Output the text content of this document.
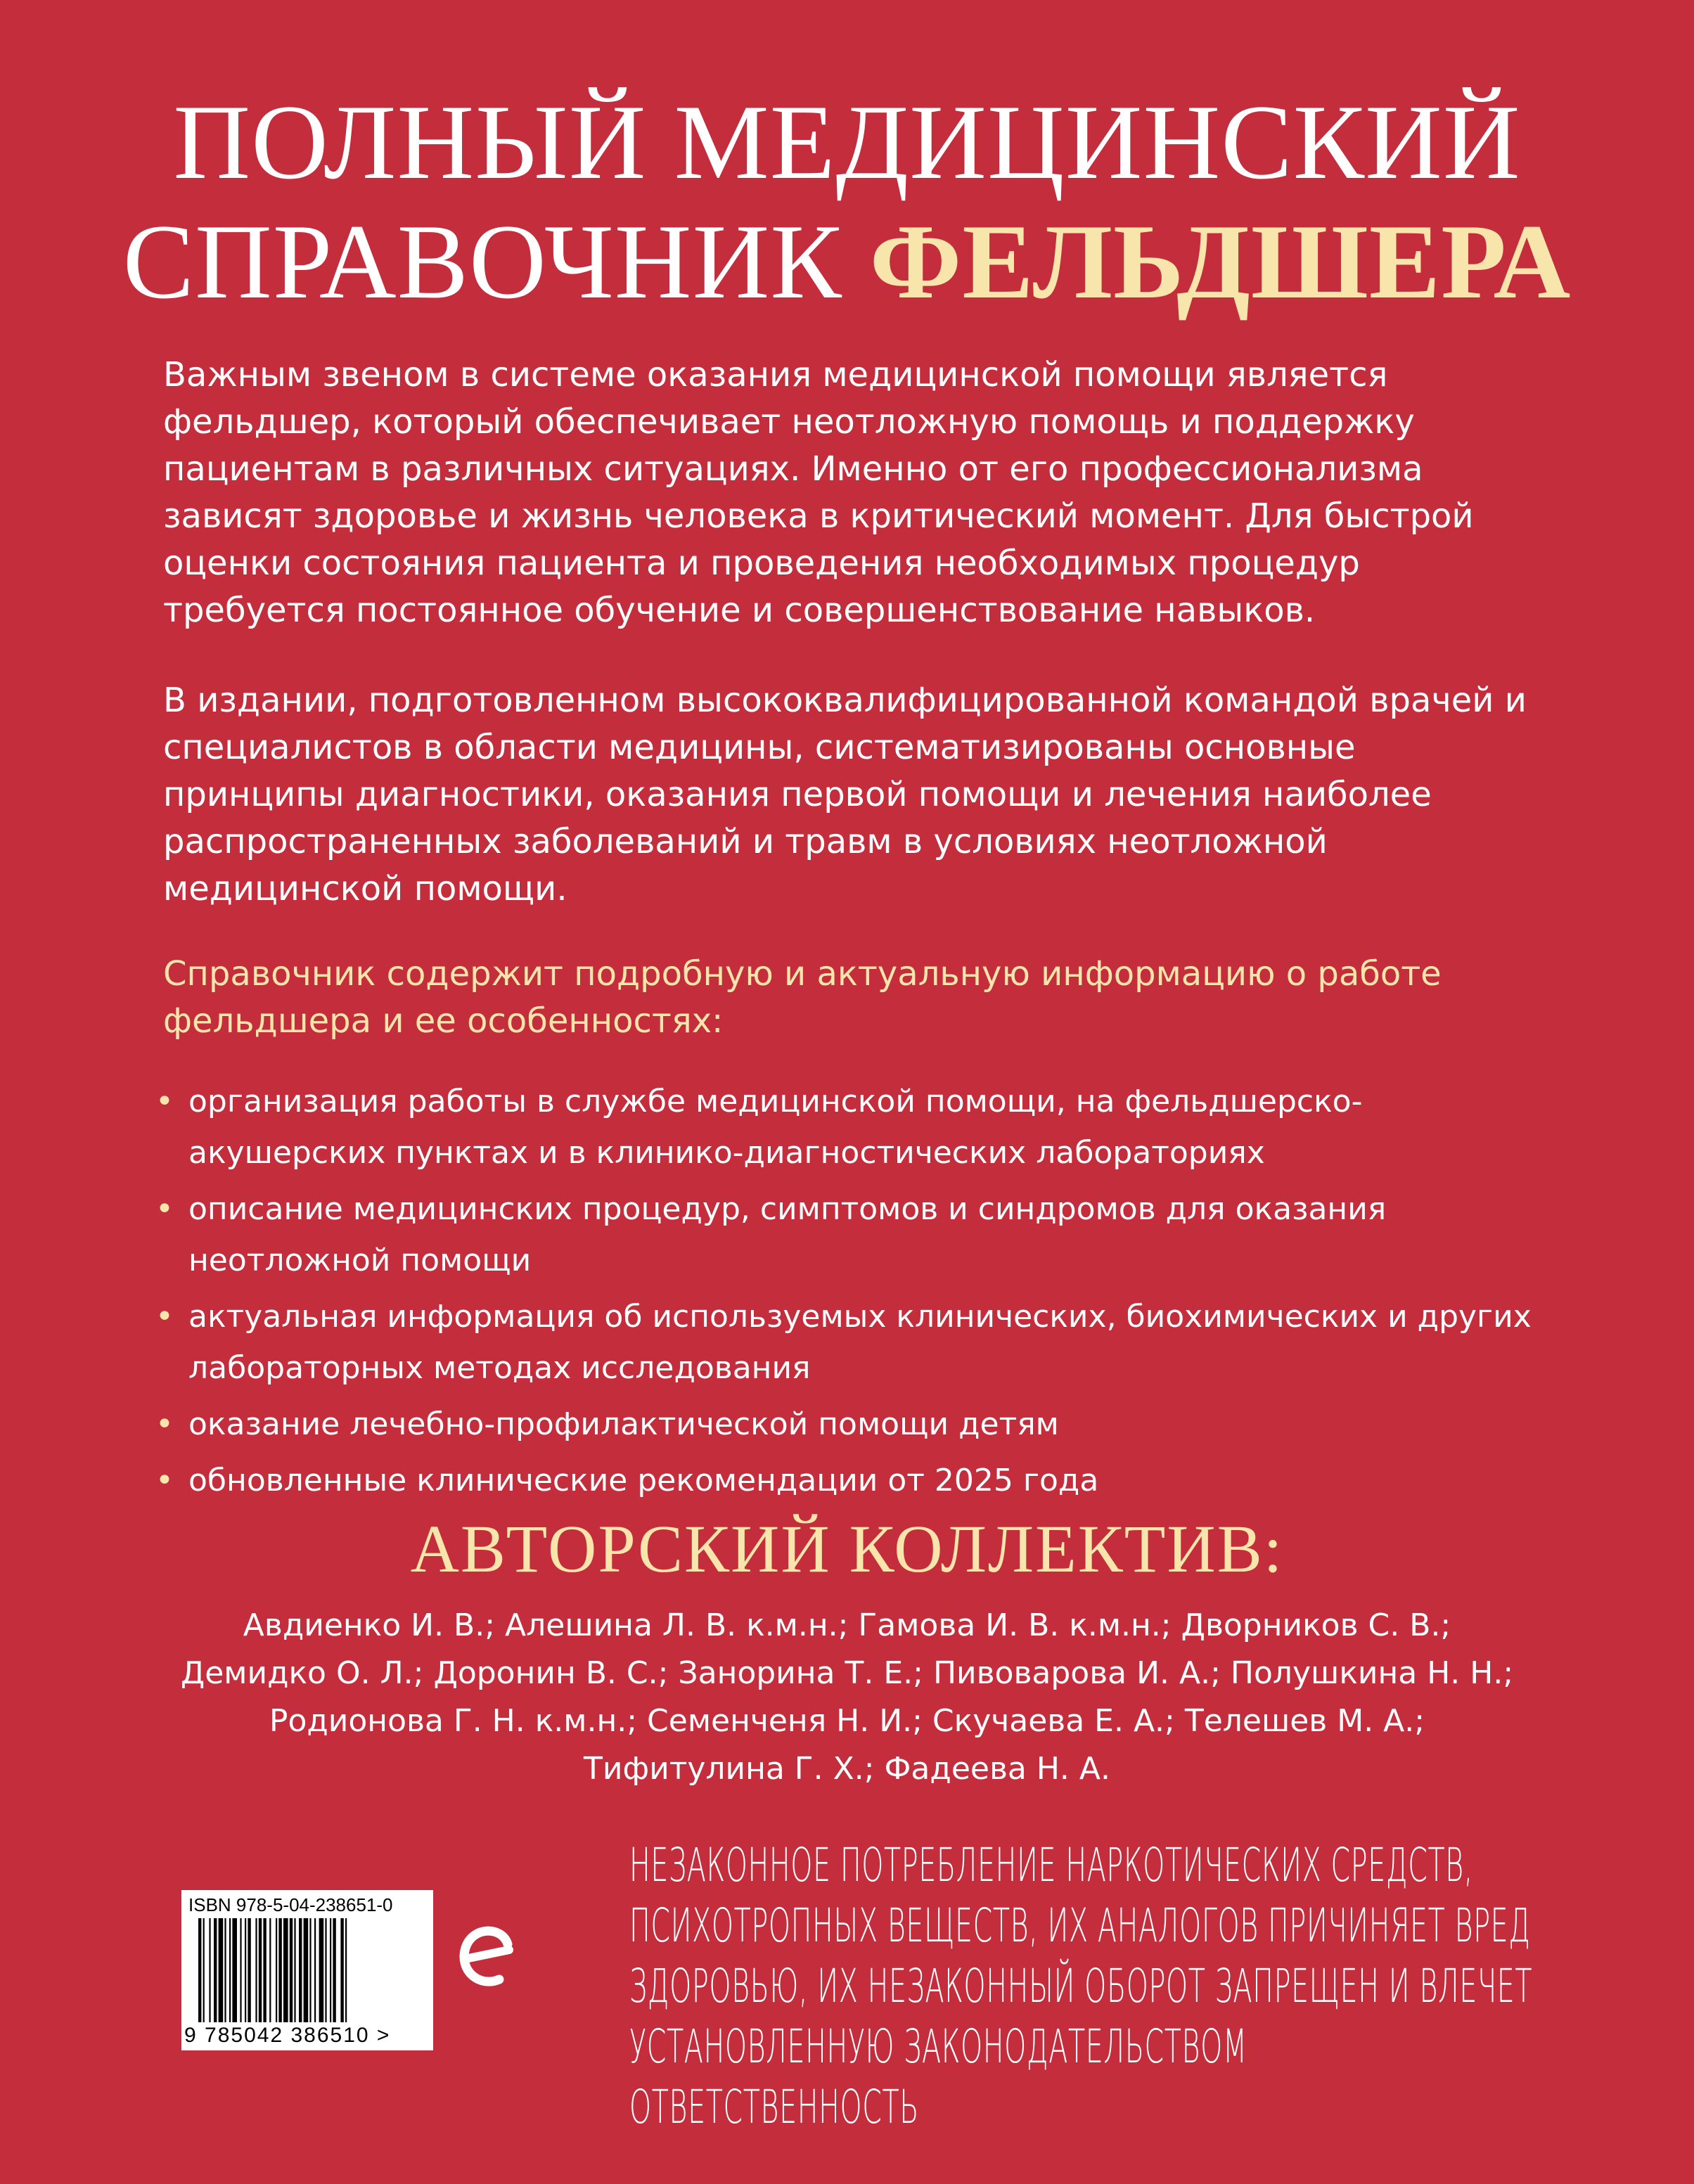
ПОЛНЫЙ МЕДИЦИНСКИЙ
СПРАВОЧНИК ФЕЛЬДШЕРА

Важным звеном в системе оказания медицинской помощи является фельдшер, который обеспечивает неотложную помощь и поддержку пациентам в различных ситуациях. Именно от его профессионализма зависят здоровье и жизнь человека в критический момент. Для быстрой оценки состояния пациента и проведения необходимых процедур требуется постоянное обучение и совершенствование навыков.

В издании, подготовленном высококвалифицированной командой врачей и специалистов в области медицины, систематизированы основные принципы диагностики, оказания первой помощи и лечения наиболее распространенных заболеваний и травм в условиях неотложной медицинской помощи.

Справочник содержит подробную и актуальную информацию о работе фельдшера и ее особенностях:

• организация работы в службе медицинской помощи, на фельдшерско-акушерских пунктах и в клинико-диагностических лабораториях
• описание медицинских процедур, симптомов и синдромов для оказания неотложной помощи
• актуальная информация об используемых клинических, биохимических и других лабораторных методах исследования
• оказание лечебно-профилактической помощи детям
• обновленные клинические рекомендации от 2025 года
АВТОРСКИЙ КОЛЛЕКТИВ:
Авдиенко И. В.; Алешина Л. В. к.м.н.; Гамова И. В. к.м.н.; Дворников С. В.;
Демидко О. Л.; Доронин В. С.; Занорина Т. Е.; Пивоварова И. А.; Полушкина Н. Н.;
Родионова Г. Н. к.м.н.; Семенченя Н. И.; Скучаева Е. А.; Телешев М. А.;
Тифитулина Г. Х.; Фадеева Н. А.
ISBN 978-5-04-238651-0
9 785042 386510 >
НЕЗАКОННОЕ ПОТРЕБЛЕНИЕ НАРКОТИЧЕСКИХ СРЕДСТВ,
ПСИХОТРОПНЫХ ВЕЩЕСТВ, ИХ АНАЛОГОВ ПРИЧИНЯЕТ ВРЕД
ЗДОРОВЬЮ, ИХ НЕЗАКОННЫЙ ОБОРОТ ЗАПРЕЩЕН И ВЛЕЧЕТ
УСТАНОВЛЕННУЮ ЗАКОНОДАТЕЛЬСТВОМ ОТВЕТСТВЕННОСТЬ
